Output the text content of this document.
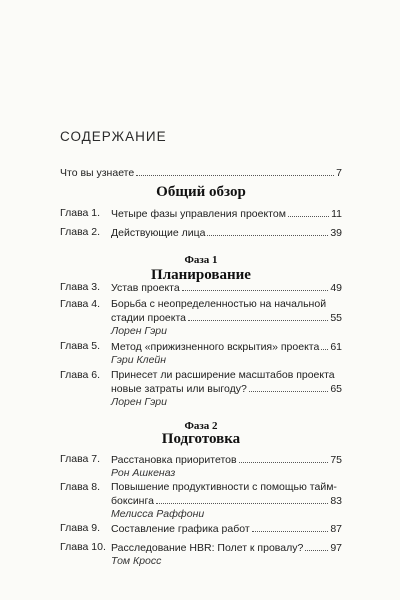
СОДЕРЖАНИЕ
Что вы узнаете	7
Общий обзор
Глава 1.	Четыре фазы управления проектом	11
Глава 2.	Действующие лица	39
Фаза 1
Планирование
Глава 3.	Устав проекта	49
Глава 4.	Борьба с неопределенностью на начальной
стадии проекта	55
Лорен Гэри
Глава 5.	Метод «прижизненного вскрытия» проекта 61
Гэри Клейн
Глава 6.	Принесет ли расширение масштабов проекта
новые затраты или выгоду?	65
Лорен Гэри
Фаза 2
Подготовка
Глава 7.	Расстановка приоритетов	75
Рон Ашкеназ
Глава 8.	Повышение продуктивности с помощью тайм-
боксинга	83
Мелисса Раффони
Глава 9.	Составление графика работ	87
Глава 10. Расследование HBR: Полет к провалу?	97
Том Кросс
